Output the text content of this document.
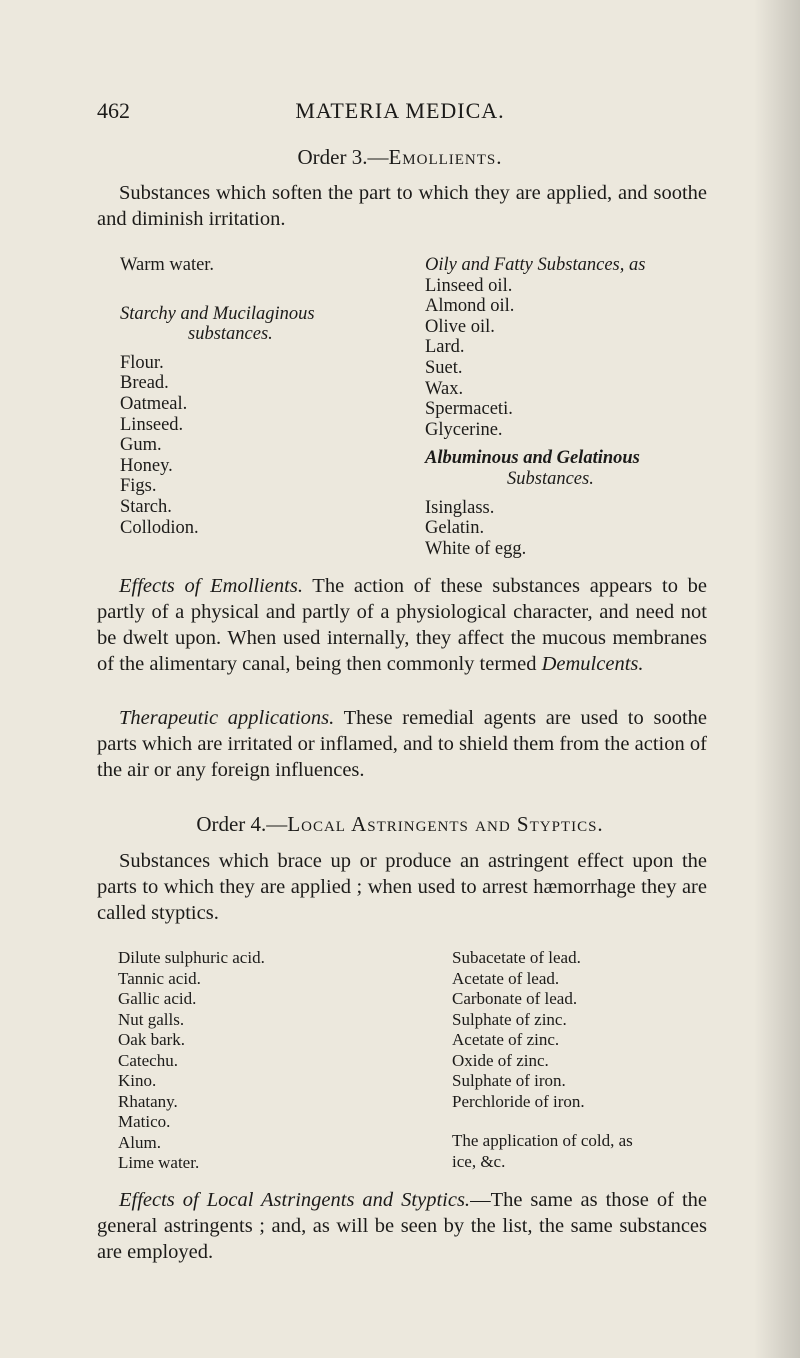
462	MATERIA MEDICA.
Order 3.—Emollients.
Substances which soften the part to which they are applied, and soothe and diminish irritation.
Warm water.
Starchy and Mucilaginous
substances.
Flour.
Bread.
Oatmeal.
Linseed.
Gum.
Honey.
Figs.
Starch.
Collodion.
Oily and Fatty Substances, as
Linseed oil.
Almond oil.
Olive oil.
Lard.
Suet.
Wax.
Spermaceti.
Glycerine.
Albuminous and Gelatinous
Substances.
Isinglass.
Gelatin.
White of egg.
Effects of Emollients. The action of these substances appears to be partly of a physical and partly of a physiological character, and need not be dwelt upon. When used internally, they affect the mucous membranes of the alimentary canal, being then commonly termed Demulcents.
Therapeutic applications. These remedial agents are used to soothe parts which are irritated or inflamed, and to shield them from the action of the air or any foreign influences.
Order 4.—Local Astringents and Styptics.
Substances which brace up or produce an astringent effect upon the parts to which they are applied ; when used to arrest hæmorrhage they are called styptics.
Dilute sulphuric acid.
Tannic acid.
Gallic acid.
Nut galls.
Oak bark.
Catechu.
Kino.
Rhatany.
Matico.
Alum.
Lime water.
Subacetate of lead.
Acetate of lead.
Carbonate of lead.
Sulphate of zinc.
Acetate of zinc.
Oxide of zinc.
Sulphate of iron.
Perchloride of iron.
The application of cold, as
ice, &c.
Effects of Local Astringents and Styptics.—The same as those of the general astringents ; and, as will be seen by the list, the same substances are employed.
